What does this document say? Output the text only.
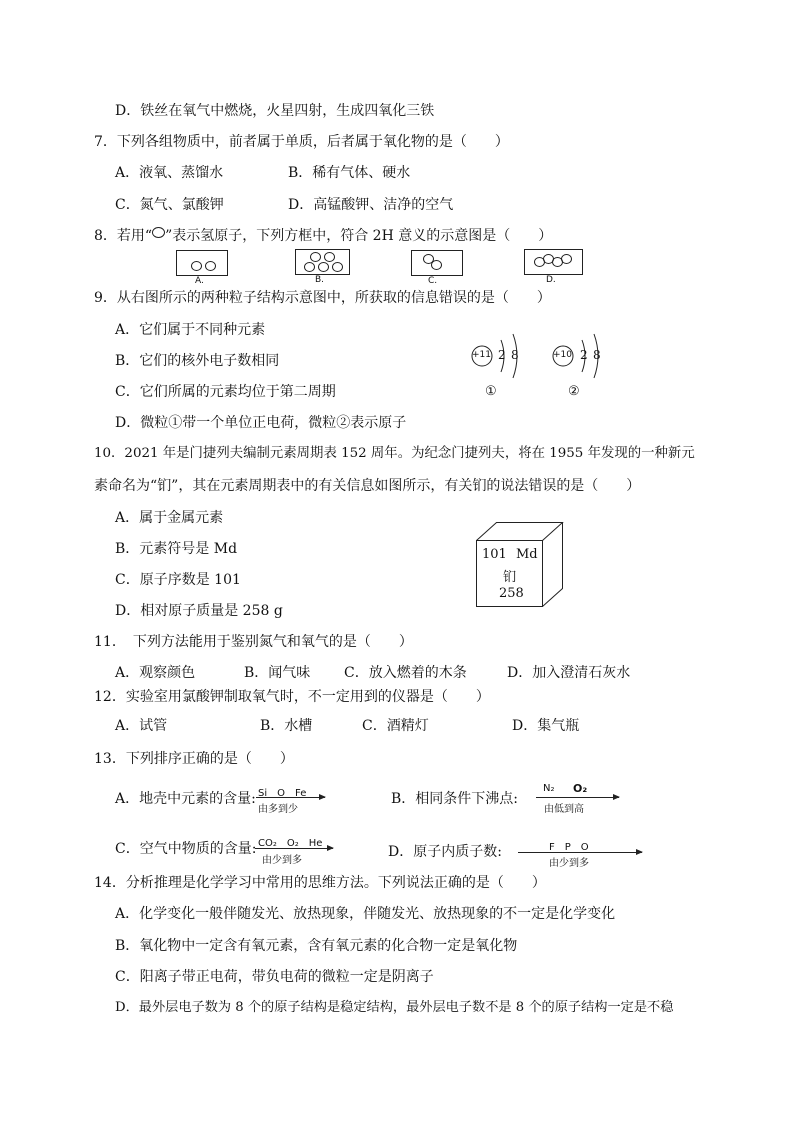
D．铁丝在氧气中燃烧，火星四射，生成四氧化三铁
7．下列各组物质中，前者属于单质，后者属于氧化物的是（　　）
A．液氧、蒸馏水	B．稀有气体、硬水
C．氮气、氯酸钾	D．高锰酸钾、洁净的空气
8．若用“ ”表示氢原子，下列方框中，符合 2H 意义的示意图是（　　）
A.	B.	C.	D.
9．从右图所示的两种粒子结构示意图中，所获取的信息错误的是（　　）
A．它们属于不同种元素
B．它们的核外电子数相同
C．它们所属的元素均位于第二周期
D．微粒①带一个单位正电荷，微粒②表示原子
+11 2 8
①
+10 2 8
②
10．2021 年是门捷列夫编制元素周期表 152 周年。为纪念门捷列夫，将在 1955 年发现的一种新元
素命名为“钔”，其在元素周期表中的有关信息如图所示，有关钔的说法错误的是（　　）
A．属于金属元素
B．元素符号是 Md
C．原子序数是 101
D．相对原子质量是 258 g
101 Md
钔
258
11．　下列方法能用于鉴别氮气和氧气的是（　　）
A．观察颜色	B．闻气味 C．放入燃着的木条	D．加入澄清石灰水
12．实验室用氯酸钾制取氧气时，不一定用到的仪器是（　　）
A．试管	B．水槽	C．酒精灯	D．集气瓶
13．下列排序正确的是（　　）
A．地壳中元素的含量: Si　O　Fe
由多到少
B．相同条件下沸点:
N₂ O₂
由低到高
C．空气中物质的含量: CO₂　O₂　He
由少到多
D．原子内质子数:	F　P　O
由少到多
14．分析推理是化学学习中常用的思维方法。下列说法正确的是（　　）
A．化学变化一般伴随发光、放热现象，伴随发光、放热现象的不一定是化学变化
B．氧化物中一定含有氧元素，含有氧元素的化合物一定是氧化物
C．阳离子带正电荷，带负电荷的微粒一定是阴离子
D．最外层电子数为 8 个的原子结构是稳定结构，最外层电子数不是 8 个的原子结构一定是不稳
